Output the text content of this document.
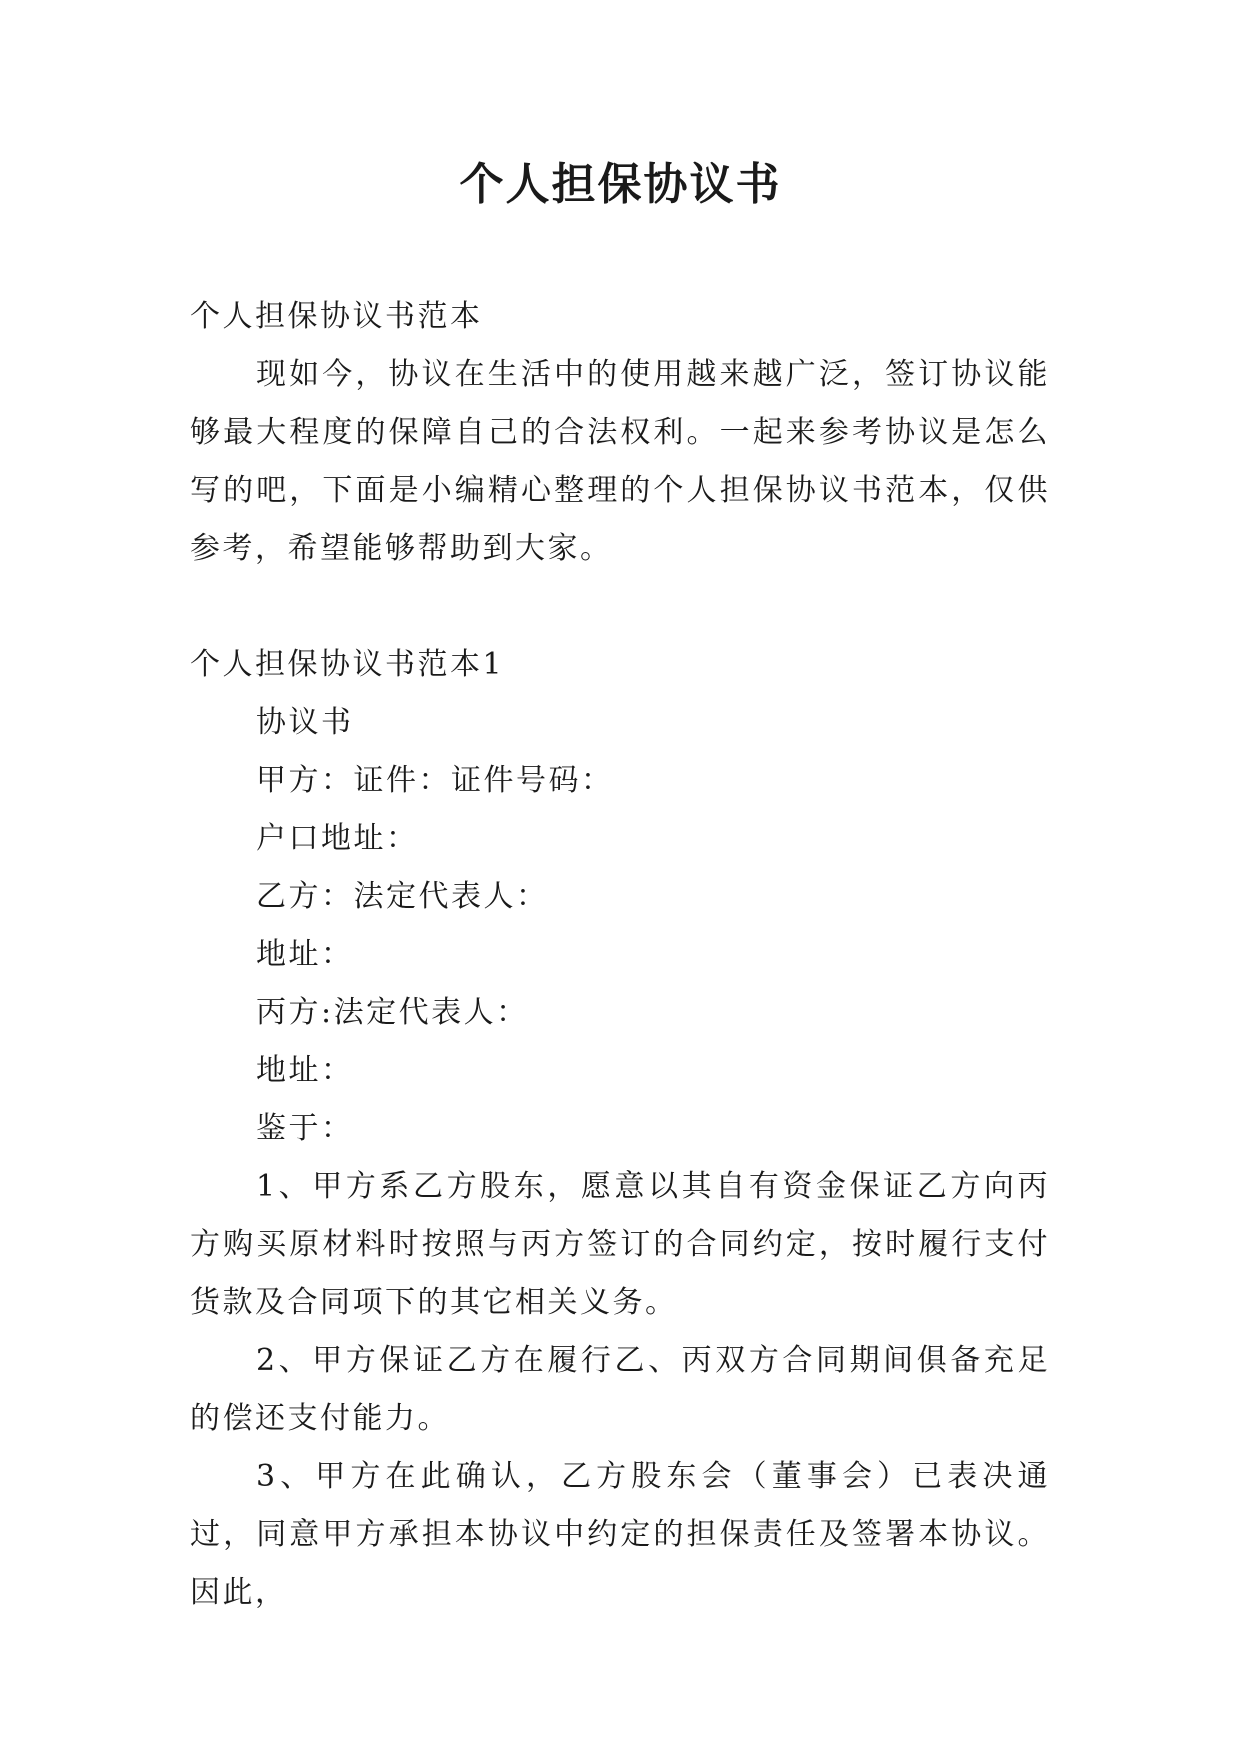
个人担保协议书

个人担保协议书范本

现如今，协议在生活中的使用越来越广泛，签订协议能够最大程度的保障自己的合法权利。一起来参考协议是怎么写的吧，下面是小编精心整理的个人担保协议书范本，仅供参考，希望能够帮助到大家。

个人担保协议书范本1

协议书

甲方：证件：证件号码：

户口地址：

乙方：法定代表人：

地址：

丙方:法定代表人：

地址：

鉴于：

1、甲方系乙方股东，愿意以其自有资金保证乙方向丙方购买原材料时按照与丙方签订的合同约定，按时履行支付货款及合同项下的其它相关义务。

2、甲方保证乙方在履行乙、丙双方合同期间俱备充足的偿还支付能力。

3、甲方在此确认，乙方股东会（董事会）已表决通过，同意甲方承担本协议中约定的担保责任及签署本协议。因此，
